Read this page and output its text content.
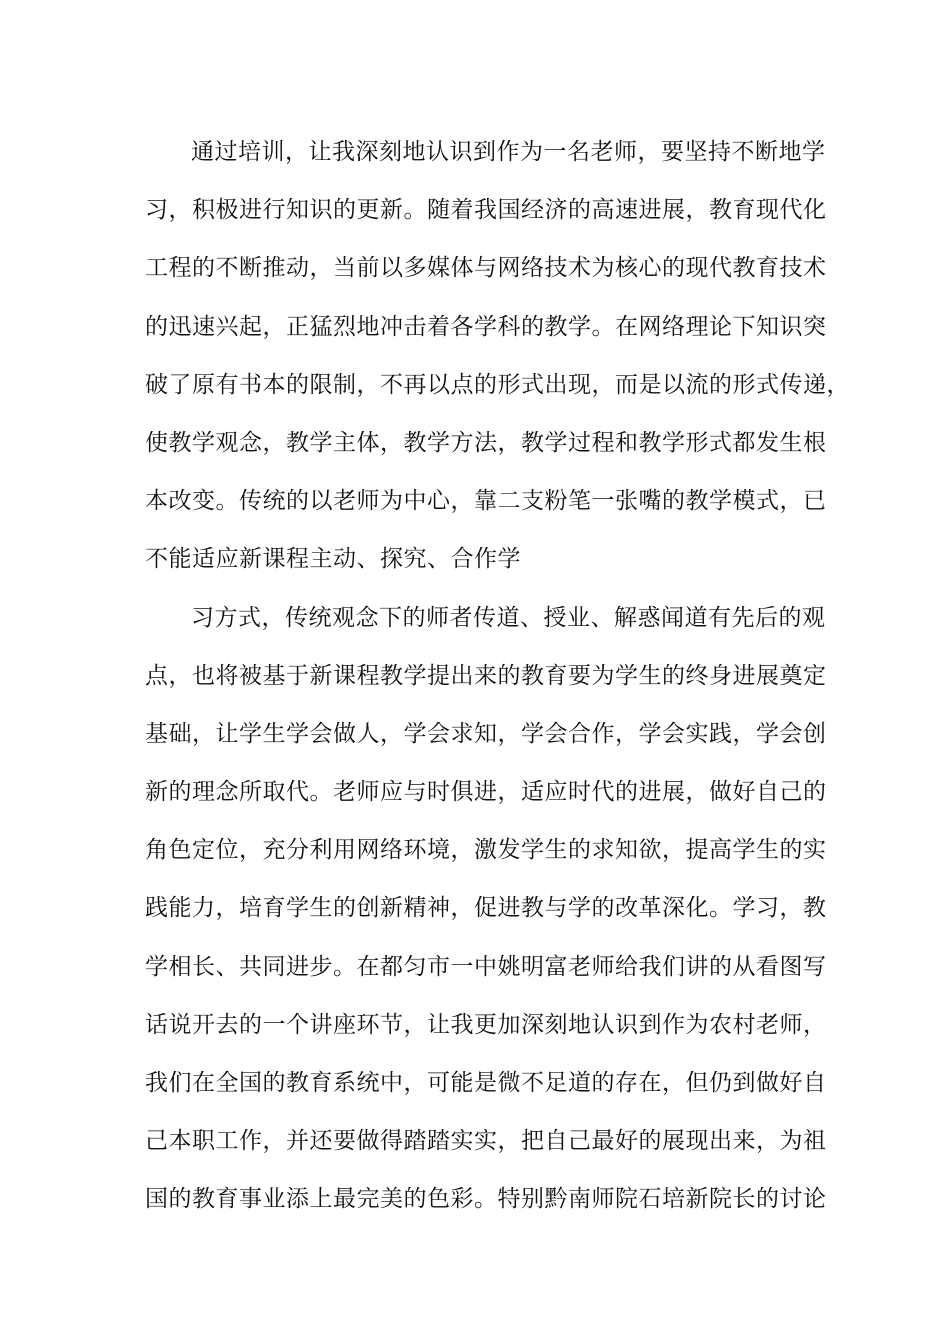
通过培训，让我深刻地认识到作为一名老师，要坚持不断地学
习，积极进行知识的更新。随着我国经济的高速进展，教育现代化
工程的不断推动，当前以多媒体与网络技术为核心的现代教育技术
的迅速兴起，正猛烈地冲击着各学科的教学。在网络理论下知识突
破了原有书本的限制，不再以点的形式出现，而是以流的形式传递，
使教学观念，教学主体，教学方法，教学过程和教学形式都发生根
本改变。传统的以老师为中心，靠二支粉笔一张嘴的教学模式，已
不能适应新课程主动、探究、合作学
习方式，传统观念下的师者传道、授业、解惑闻道有先后的观
点，也将被基于新课程教学提出来的教育要为学生的终身进展奠定
基础，让学生学会做人，学会求知，学会合作，学会实践，学会创
新的理念所取代。老师应与时俱进，适应时代的进展，做好自己的
角色定位，充分利用网络环境，激发学生的求知欲，提高学生的实
践能力，培育学生的创新精神，促进教与学的改革深化。学习，教
学相长、共同进步。在都匀市一中姚明富老师给我们讲的从看图写
话说开去的一个讲座环节，让我更加深刻地认识到作为农村老师，
我们在全国的教育系统中，可能是微不足道的存在，但仍到做好自
己本职工作，并还要做得踏踏实实，把自己最好的展现出来，为祖
国的教育事业添上最完美的色彩。特别黔南师院石培新院长的讨论
